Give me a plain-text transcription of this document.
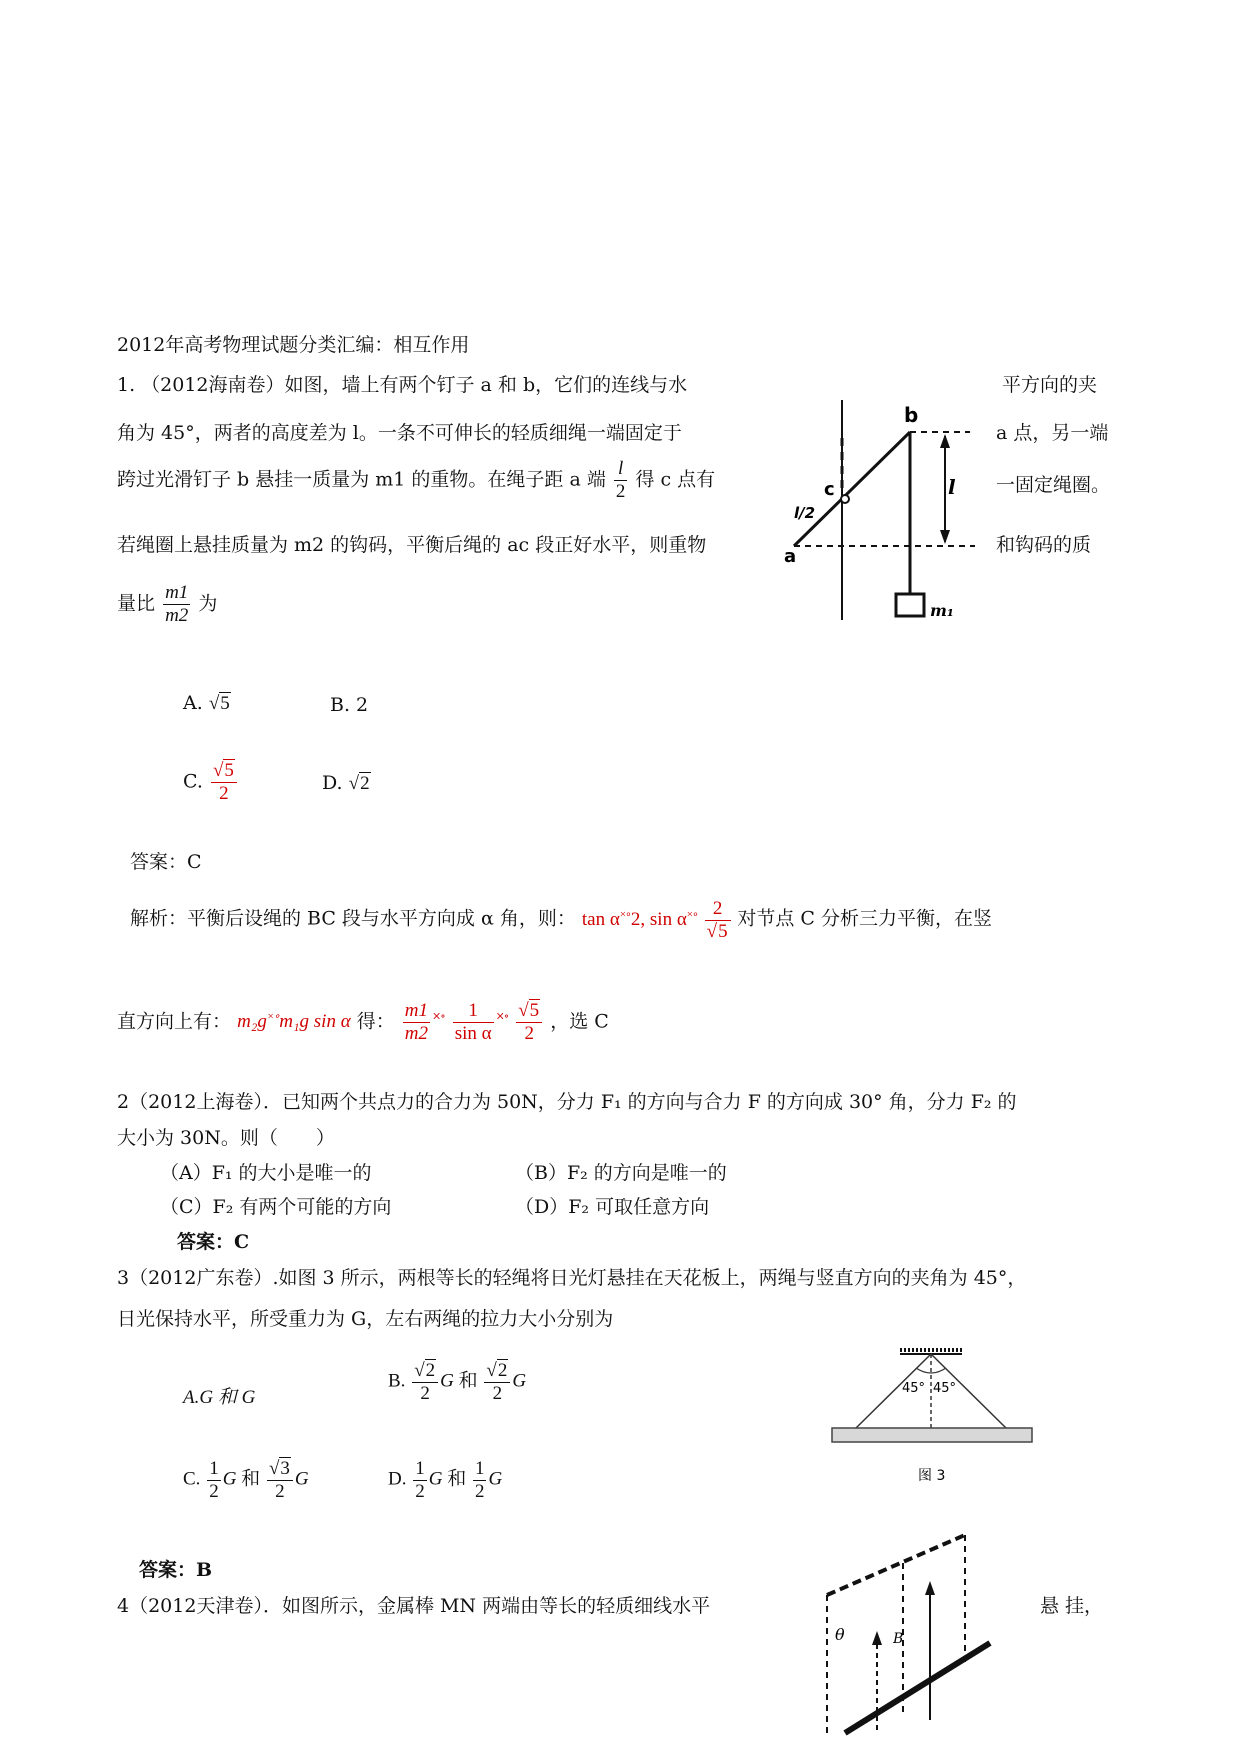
2012年高考物理试题分类汇编：相互作用
1. （2012海南卷）如图，墙上有两个钉子 a 和 b，它们的连线与水	平方向的夹
角为 45°，两者的高度差为 l。一条不可伸长的轻质细绳一端固定于	a 点，另一端
跨过光滑钉子 b 悬挂一质量为 m1 的重物。在绳子距 a 端 $\frac{l}{2}$ 得 c 点有	一固定绳圈。
若绳圈上悬挂质量为 m2 的钩码，平衡后绳的 ac 段正好水平，则重物	和钩码的质
量比 $\frac{m1}{m2}$ 为
b
c
a
l
l/2
m₁
A. √5	B. 2
C. $\frac{√5}{2}$	D. √2
答案：C
解析：平衡后设绳的 BC 段与水平方向成 α 角，则： tan α×∘2, $\sin \alpha^{\times\circ} \frac{2}{√5}$ 对节点 C 分析三力平衡，在竖
直方向上有： m₂g×∘m₁g sin α 得： $\frac{m1}{m2} ^{\times\circ} \frac{1}{\text{sin α}} ^{\times\circ} \frac{√5}{2}$ ，选 C
2（2012上海卷）．已知两个共点力的合力为 50N，分力 F₁ 的方向与合力 F 的方向成 30° 角，分力 F₂ 的
大小为 30N。则（　　）
（A）F₁ 的大小是唯一的	（B）F₂ 的方向是唯一的
（C）F₂ 有两个可能的方向	（D）F₂ 可取任意方向
答案：C
3（2012广东卷）.如图 3 所示，两根等长的轻绳将日光灯悬挂在天花板上，两绳与竖直方向的夹角为 45°，
日光保持水平，所受重力为 G，左右两绳的拉力大小分别为
A.G 和 G
B. $\frac{√2}{2}$ G 和 $\frac{√2}{2}$ G
C. $\frac{1}{2}$ G 和 $\frac{√3}{2}$ G	D. $\frac{1}{2}$ G 和 $\frac{1}{2}$ G
答案：B
45° 45°
图 3
4（2012天津卷）．如图所示，金属棒 MN 两端由等长的轻质细线水平	悬 挂，
θ	B
